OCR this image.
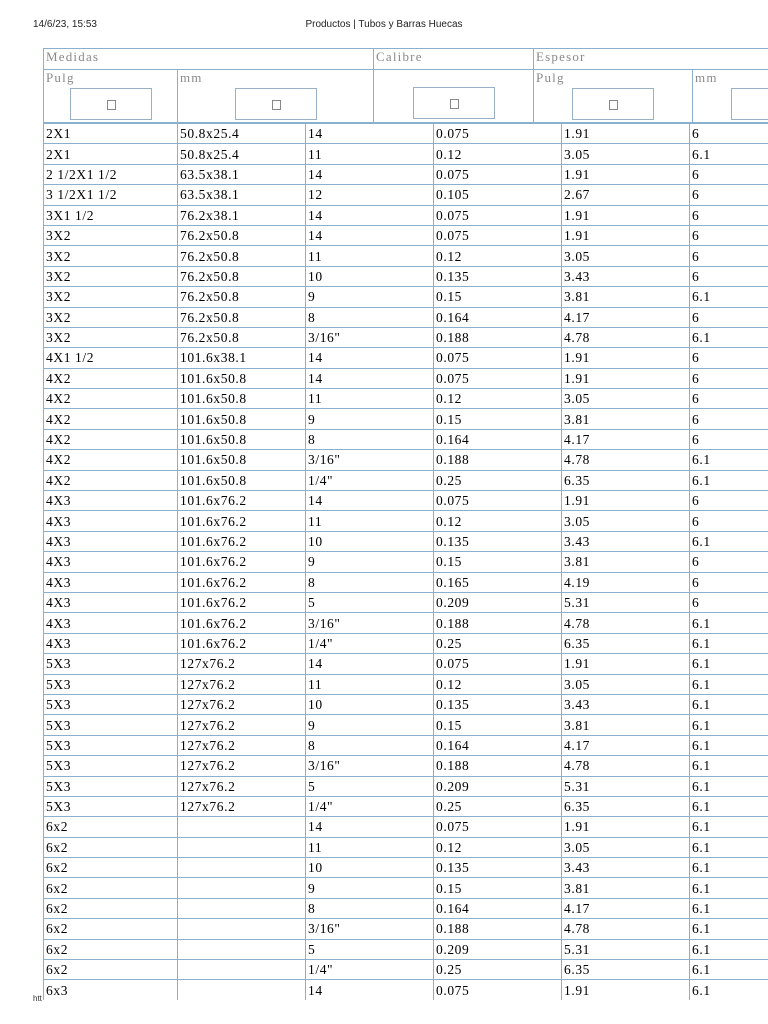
14/6/23, 15:53	Productos | Tubos y Barras Huecas
Medidas		Calibre	Espesor	
Pulg	mm		Pulg	mm
2X1	50.8x25.4	14	0.075	1.91	6
2X1	50.8x25.4	11	0.12	3.05	6.1
2 1/2X1 1/2	63.5x38.1	14	0.075	1.91	6
3 1/2X1 1/2	63.5x38.1	12	0.105	2.67	6
3X1 1/2	76.2x38.1	14	0.075	1.91	6
3X2	76.2x50.8	14	0.075	1.91	6
3X2	76.2x50.8	11	0.12	3.05	6
3X2	76.2x50.8	10	0.135	3.43	6
3X2	76.2x50.8	9	0.15	3.81	6.1
3X2	76.2x50.8	8	0.164	4.17	6
3X2	76.2x50.8	3/16"	0.188	4.78	6.1
4X1 1/2	101.6x38.1	14	0.075	1.91	6
4X2	101.6x50.8	14	0.075	1.91	6
4X2	101.6x50.8	11	0.12	3.05	6
4X2	101.6x50.8	9	0.15	3.81	6
4X2	101.6x50.8	8	0.164	4.17	6
4X2	101.6x50.8	3/16"	0.188	4.78	6.1
4X2	101.6x50.8	1/4"	0.25	6.35	6.1
4X3	101.6x76.2	14	0.075	1.91	6
4X3	101.6x76.2	11	0.12	3.05	6
4X3	101.6x76.2	10	0.135	3.43	6.1
4X3	101.6x76.2	9	0.15	3.81	6
4X3	101.6x76.2	8	0.165	4.19	6
4X3	101.6x76.2	5	0.209	5.31	6
4X3	101.6x76.2	3/16"	0.188	4.78	6.1
4X3	101.6x76.2	1/4"	0.25	6.35	6.1
5X3	127x76.2	14	0.075	1.91	6.1
5X3	127x76.2	11	0.12	3.05	6.1
5X3	127x76.2	10	0.135	3.43	6.1
5X3	127x76.2	9	0.15	3.81	6.1
5X3	127x76.2	8	0.164	4.17	6.1
5X3	127x76.2	3/16"	0.188	4.78	6.1
5X3	127x76.2	5	0.209	5.31	6.1
5X3	127x76.2	1/4"	0.25	6.35	6.1
6x2		14	0.075	1.91	6.1
6x2		11	0.12	3.05	6.1
6x2		10	0.135	3.43	6.1
6x2		9	0.15	3.81	6.1
6x2		8	0.164	4.17	6.1
6x2		3/16"	0.188	4.78	6.1
6x2		5	0.209	5.31	6.1
6x2		1/4"	0.25	6.35	6.1
6x3		14	0.075	1.91	6.1
htt
